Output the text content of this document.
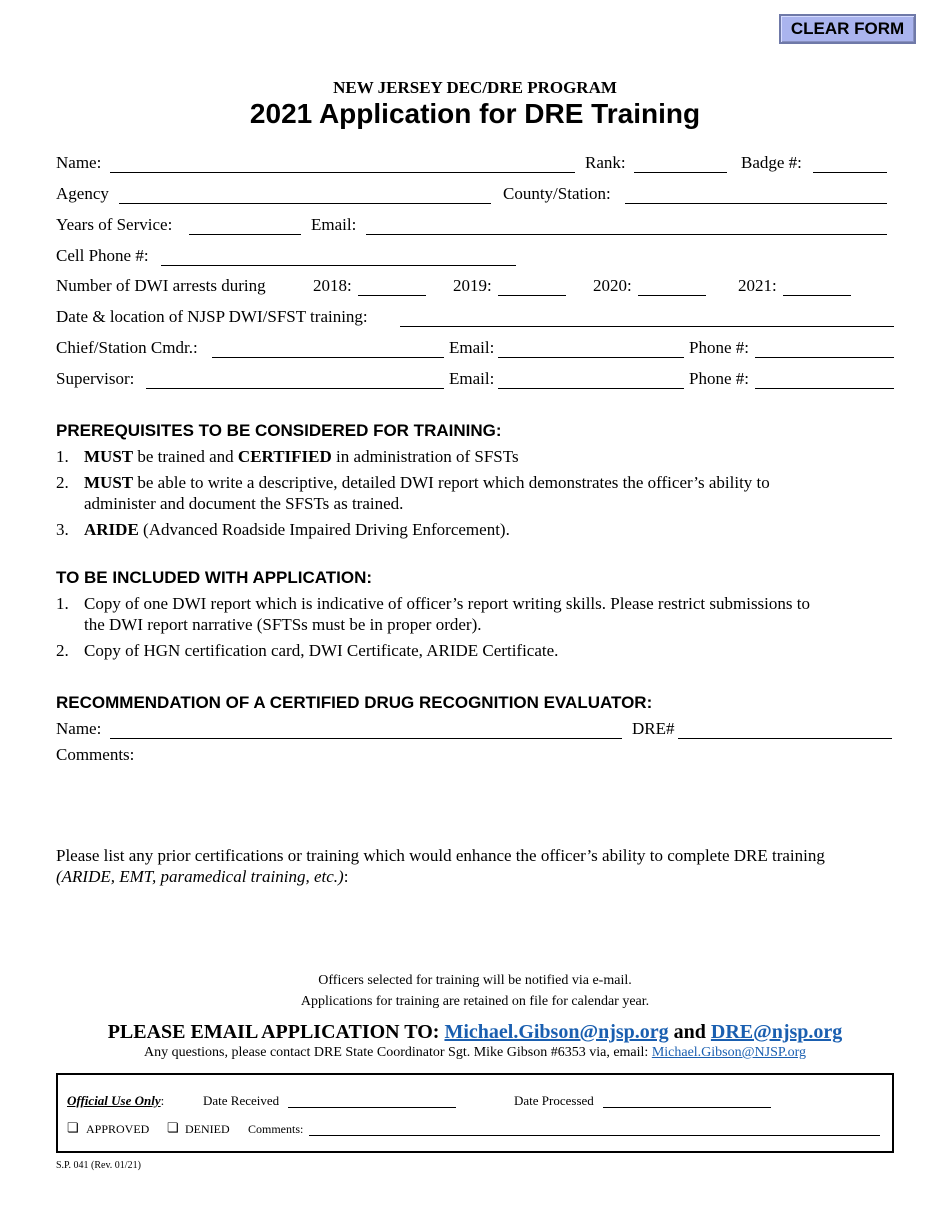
CLEAR FORM
NEW JERSEY DEC/DRE PROGRAM
2021 Application for DRE Training
Name:	Rank:	Badge #:
Agency	County/Station:
Years of Service:	Email:
Cell Phone #:
Number of DWI arrests during	2018:	2019:	2020:	2021:
Date & location of NJSP DWI/SFST training:
Chief/Station Cmdr.:	Email:	Phone #:
Supervisor:	Email:	Phone #:
PREREQUISITES TO BE CONSIDERED FOR TRAINING:
1. MUST be trained and CERTIFIED in administration of SFSTs
2. MUST be able to write a descriptive, detailed DWI report which demonstrates the officer’s ability to
administer and document the SFSTs as trained.
3. ARIDE (Advanced Roadside Impaired Driving Enforcement).
TO BE INCLUDED WITH APPLICATION:
1. Copy of one DWI report which is indicative of officer’s report writing skills. Please restrict submissions to
the DWI report narrative (SFTSs must be in proper order).
2. Copy of HGN certification card, DWI Certificate, ARIDE Certificate.
RECOMMENDATION OF A CERTIFIED DRUG RECOGNITION EVALUATOR:
Name:	DRE#
Comments:
Please list any prior certifications or training which would enhance the officer’s ability to complete DRE training
(ARIDE, EMT, paramedical training, etc.):
Officers selected for training will be notified via e-mail.
Applications for training are retained on file for calendar year.
PLEASE EMAIL APPLICATION TO: Michael.Gibson@njsp.org and DRE@njsp.org
Any questions, please contact DRE State Coordinator Sgt. Mike Gibson #6353 via, email: Michael.Gibson@NJSP.org
Official Use Only:	Date Received	Date Processed
❏ APPROVED ❏ DENIED Comments:
S.P. 041 (Rev. 01/21)
